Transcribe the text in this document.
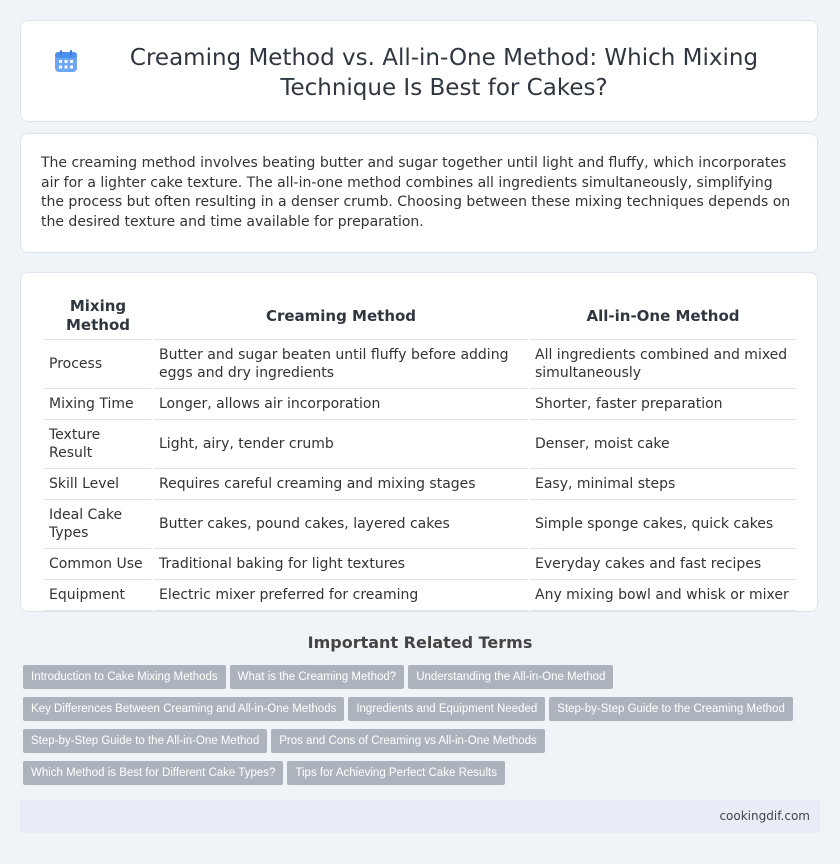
Creaming Method vs. All-in-One Method: Which Mixing Technique Is Best for Cakes?

The creaming method involves beating butter and sugar together until light and fluffy, which incorporates air for a lighter cake texture. The all-in-one method combines all ingredients simultaneously, simplifying the process but often resulting in a denser crumb. Choosing between these mixing techniques depends on the desired texture and time available for preparation.

Mixing Method	Creaming Method	All-in-One Method
Process	Butter and sugar beaten until fluffy before adding eggs and dry ingredients	All ingredients combined and mixed simultaneously
Mixing Time	Longer, allows air incorporation	Shorter, faster preparation
Texture Result	Light, airy, tender crumb	Denser, moist cake
Skill Level	Requires careful creaming and mixing stages	Easy, minimal steps
Ideal Cake Types	Butter cakes, pound cakes, layered cakes	Simple sponge cakes, quick cakes
Common Use	Traditional baking for light textures	Everyday cakes and fast recipes
Equipment	Electric mixer preferred for creaming	Any mixing bowl and whisk or mixer
Important Related Terms
Introduction to Cake Mixing Methods What is the Creaming Method? Understanding the All-in-One Method
Key Differences Between Creaming and All-in-One Methods Ingredients and Equipment Needed Step-by-Step Guide to the Creaming Method
Step-by-Step Guide to the All-in-One Method Pros and Cons of Creaming vs All-in-One Methods
Which Method is Best for Different Cake Types? Tips for Achieving Perfect Cake Results
cookingdif.com
